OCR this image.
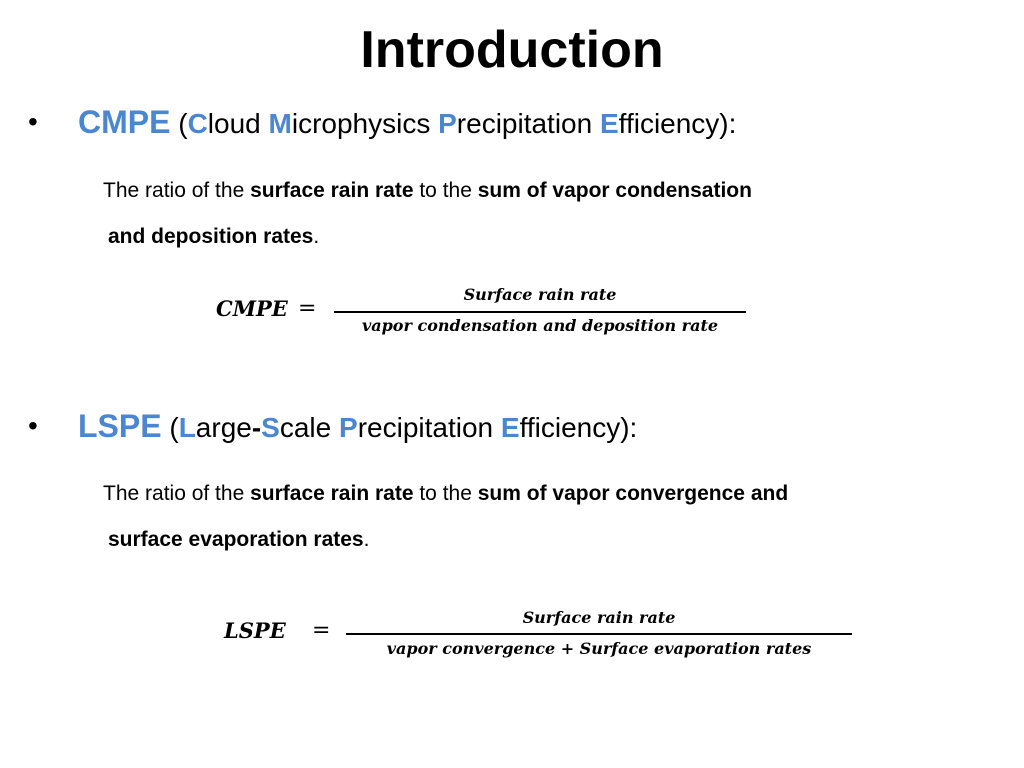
Introduction
• CMPE (Cloud Microphysics Precipitation Efficiency):
The ratio of the surface rain rate to the sum of vapor condensation
and deposition rates.
CMPE =
Surface rain rate
vapor condensation and deposition rate
• LSPE (Large-Scale Precipitation Efficiency):
The ratio of the surface rain rate to the sum of vapor convergence and
surface evaporation rates.
LSPE =
Surface rain rate
vapor convergence + Surface evaporation rates
